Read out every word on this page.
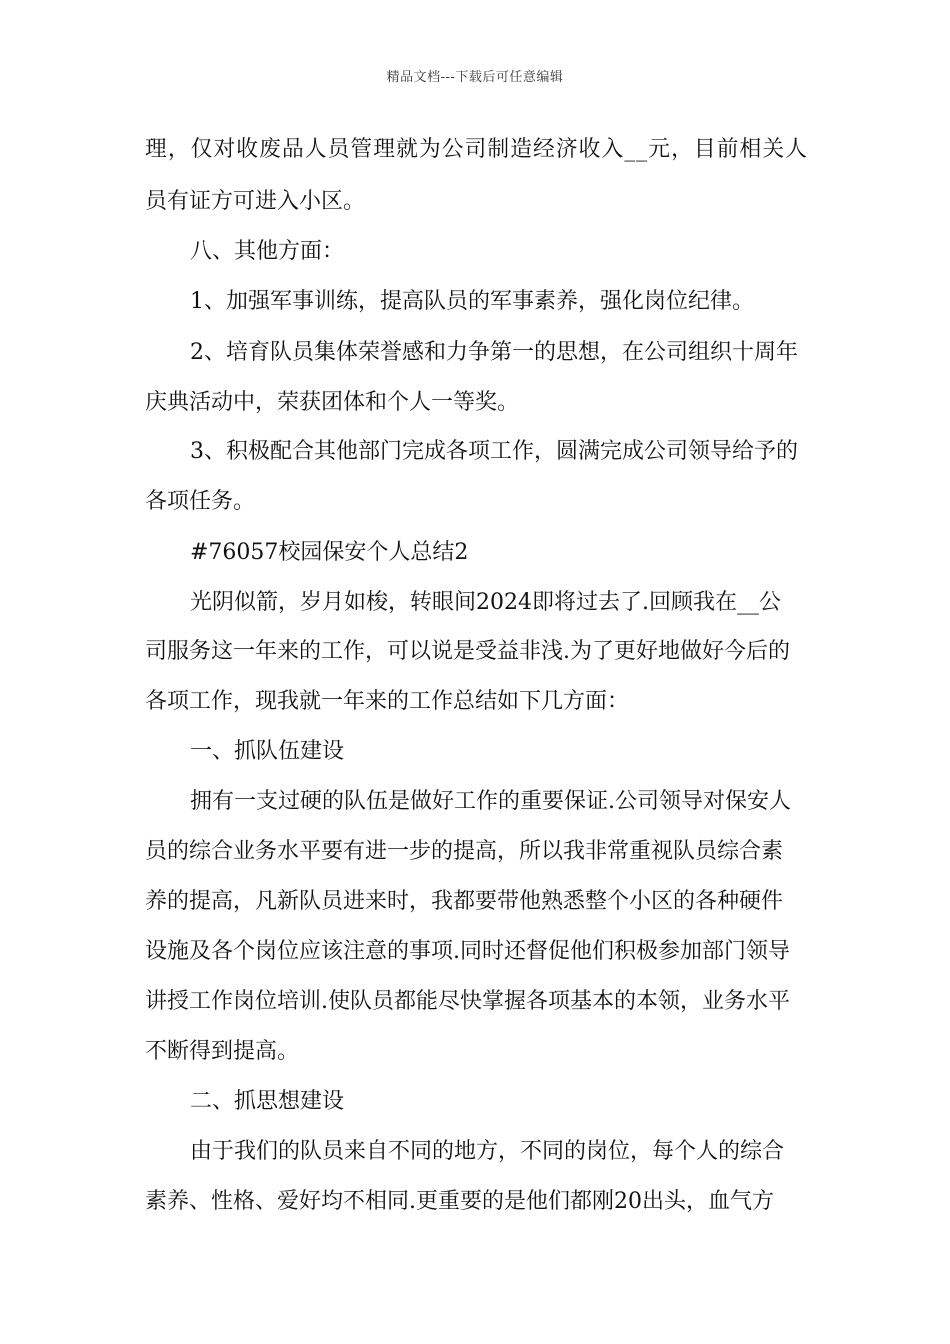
精品文档---下载后可任意编辑
理，仅对收废品人员管理就为公司制造经济收入__元，目前相关人
员有证方可进入小区。
八、其他方面：
1、加强军事训练，提高队员的军事素养，强化岗位纪律。
2、培育队员集体荣誉感和力争第一的思想，在公司组织十周年
庆典活动中，荣获团体和个人一等奖。
3、积极配合其他部门完成各项工作，圆满完成公司领导给予的
各项任务。
#76057校园保安个人总结2
光阴似箭，岁月如梭，转眼间2024即将过去了.回顾我在__公
司服务这一年来的工作，可以说是受益非浅.为了更好地做好今后的
各项工作，现我就一年来的工作总结如下几方面：
一、抓队伍建设
拥有一支过硬的队伍是做好工作的重要保证.公司领导对保安人
员的综合业务水平要有进一步的提高，所以我非常重视队员综合素
养的提高，凡新队员进来时，我都要带他熟悉整个小区的各种硬件
设施及各个岗位应该注意的事项.同时还督促他们积极参加部门领导
讲授工作岗位培训.使队员都能尽快掌握各项基本的本领，业务水平
不断得到提高。
二、抓思想建设
由于我们的队员来自不同的地方，不同的岗位，每个人的综合
素养、性格、爱好均不相同.更重要的是他们都刚20出头，血气方
